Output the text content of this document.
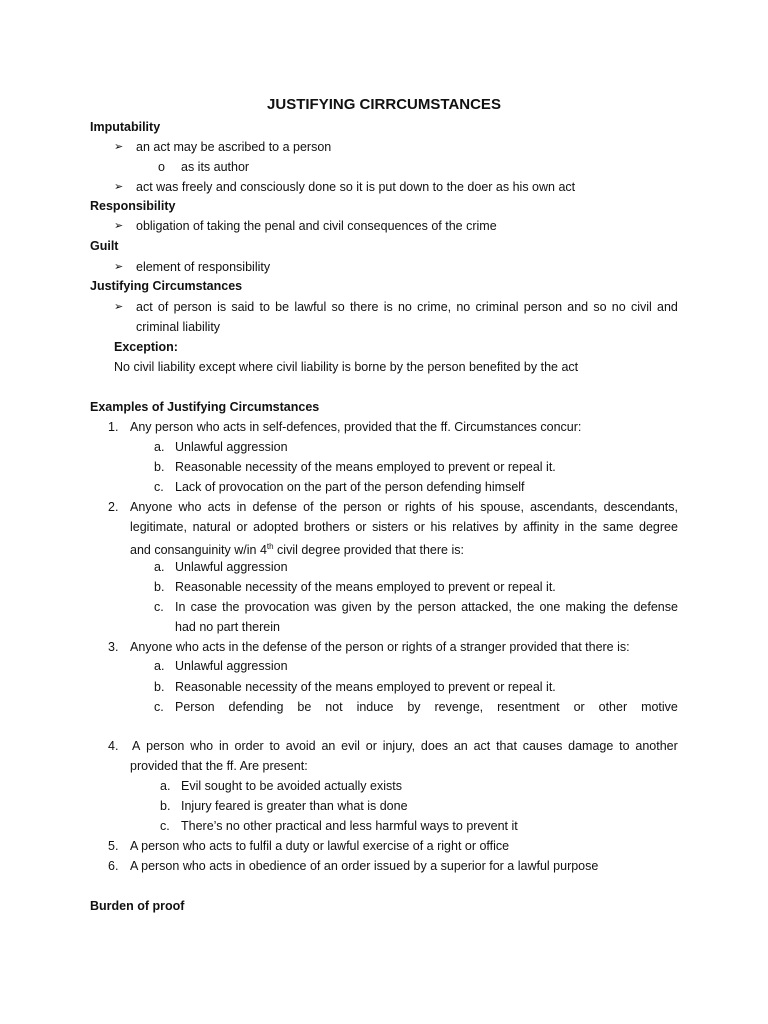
JUSTIFYING CIRRCUMSTANCES
Imputability
➢ an act may be ascribed to a person
o as its author
➢ act was freely and consciously done so it is put down to the doer as his own act
Responsibility
➢ obligation of taking the penal and civil consequences of the crime
Guilt
➢ element of responsibility
Justifying Circumstances
➢ act of person is said to be lawful so there is no crime, no criminal person and so no civil and
criminal liability
Exception:
No civil liability except where civil liability is borne by the person benefited by the act
Examples of Justifying Circumstances
1. Any person who acts in self-defences, provided that the ff. Circumstances concur:
a. Unlawful aggression
b. Reasonable necessity of the means employed to prevent or repeal it.
c. Lack of provocation on the part of the person defending himself
2. Anyone who acts in defense of the person or rights of his spouse, ascendants, descendants,
legitimate, natural or adopted brothers or sisters or his relatives by affinity in the same degree
and consanguinity w/in 4th civil degree provided that there is:
a. Unlawful aggression
b. Reasonable necessity of the means employed to prevent or repeal it.
c. In case the provocation was given by the person attacked, the one making the defense
had no part therein
3. Anyone who acts in the defense of the person or rights of a stranger provided that there is:
a. Unlawful aggression
b. Reasonable necessity of the means employed to prevent or repeal it.
c. Person defending be not induce by revenge, resentment or other motive
4. A person who in order to avoid an evil or injury, does an act that causes damage to another
provided that the ff. Are present:
a. Evil sought to be avoided actually exists
b. Injury feared is greater than what is done
c. There’s no other practical and less harmful ways to prevent it
5. A person who acts to fulfil a duty or lawful exercise of a right or office
6. A person who acts in obedience of an order issued by a superior for a lawful purpose
Burden of proof
